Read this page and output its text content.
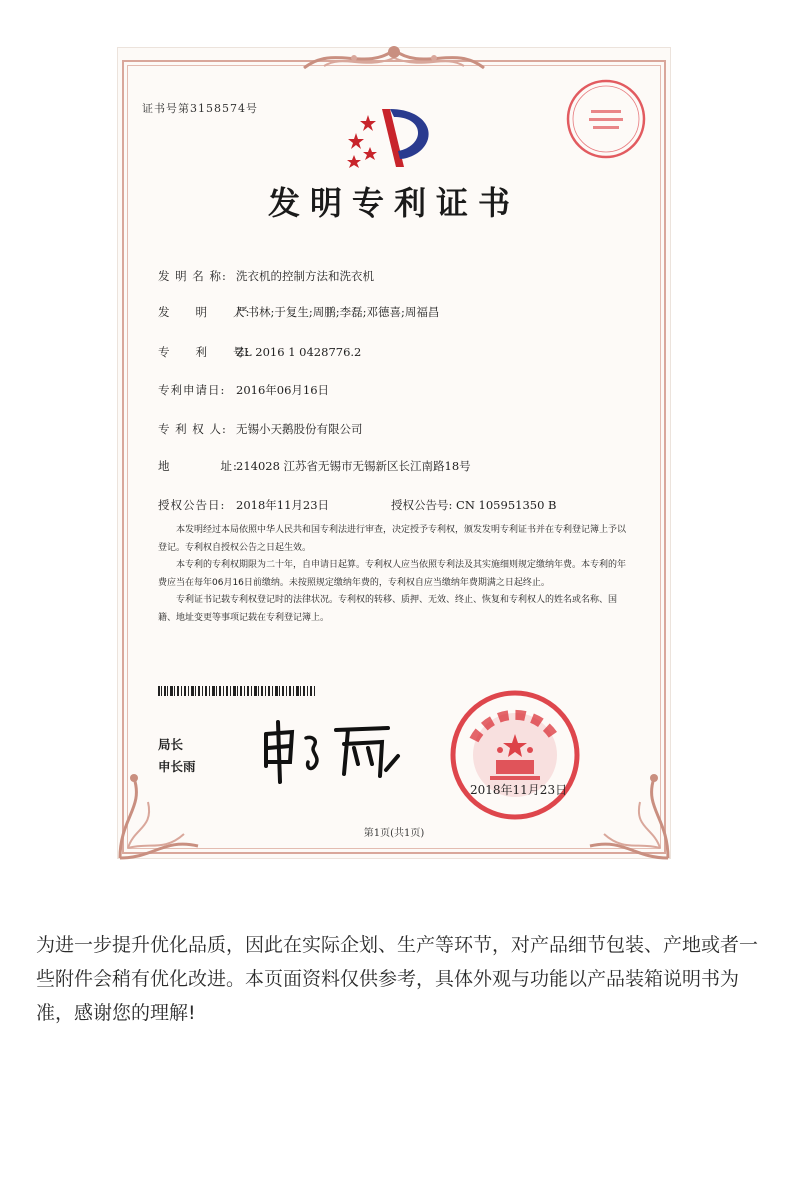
证书号第3158574号
发明专利证书
发 明 名 称: 洗衣机的控制方法和洗衣机
发　　明　　人:严书林;于复生;周鹏;李磊;邓德喜;周福昌
专　　利　　号:ZL 2016 1 0428776.2
专利申请日: 2016年06月16日
专 利 权 人: 无锡小天鹅股份有限公司
地　　　　址:214028 江苏省无锡市无锡新区长江南路18号
授权公告日: 2018年11月23日	授权公告号: CN 105951350 B

本发明经过本局依照中华人民共和国专利法进行审查，决定授予专利权，颁发发明专利证书并在专利登记簿上予以登记。专利权自授权公告之日起生效。

本专利的专利权期限为二十年，自申请日起算。专利权人应当依照专利法及其实施细则规定缴纳年费。本专利的年费应当在每年06月16日前缴纳。未按照规定缴纳年费的，专利权自应当缴纳年费期满之日起终止。

专利证书记载专利权登记时的法律状况。专利权的转移、质押、无效、终止、恢复和专利权人的姓名或名称、国籍、地址变更等事项记载在专利登记簿上。

局长
申长雨
2018年11月23日
第1页(共1页)
为进一步提升优化品质，因此在实际企划、生产等环节，对产品细节包装、产地或者一些附件会稍有优化改进。本页面资料仅供参考，具体外观与功能以产品装箱说明书为准，感谢您的理解!
